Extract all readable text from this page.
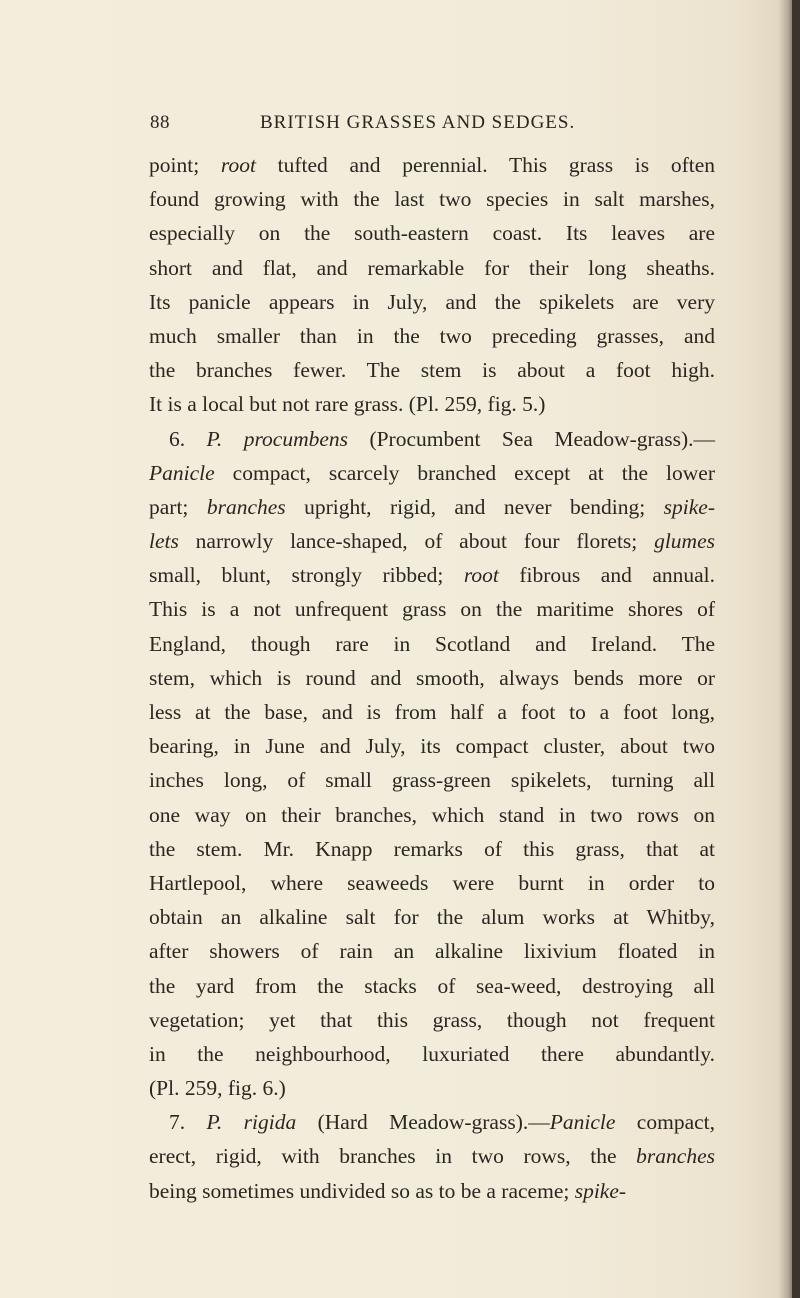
88	BRITISH GRASSES AND SEDGES.
point; root tufted and perennial. This grass is often
found growing with the last two species in salt marshes,
especially on the south-eastern coast. Its leaves are
short and flat, and remarkable for their long sheaths.
Its panicle appears in July, and the spikelets are very
much smaller than in the two preceding grasses, and
the branches fewer. The stem is about a foot high.
It is a local but not rare grass. (Pl. 259, fig. 5.)
6. P. procumbens (Procumbent Sea Meadow-grass).—
Panicle compact, scarcely branched except at the lower
part; branches upright, rigid, and never bending; spike-
lets narrowly lance-shaped, of about four florets; glumes
small, blunt, strongly ribbed; root fibrous and annual.
This is a not unfrequent grass on the maritime shores of
England, though rare in Scotland and Ireland. The
stem, which is round and smooth, always bends more or
less at the base, and is from half a foot to a foot long,
bearing, in June and July, its compact cluster, about two
inches long, of small grass-green spikelets, turning all
one way on their branches, which stand in two rows on
the stem. Mr. Knapp remarks of this grass, that at
Hartlepool, where seaweeds were burnt in order to
obtain an alkaline salt for the alum works at Whitby,
after showers of rain an alkaline lixivium floated in
the yard from the stacks of sea-weed, destroying all
vegetation; yet that this grass, though not frequent
in the neighbourhood, luxuriated there abundantly.
(Pl. 259, fig. 6.)
7. P. rigida (Hard Meadow-grass).—Panicle compact,
erect, rigid, with branches in two rows, the branches
being sometimes undivided so as to be a raceme; spike-
